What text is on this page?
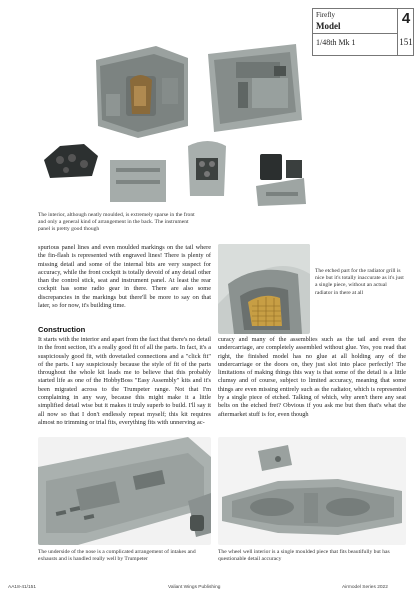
Firefly
Model
1/48th Mk 1
4
151
The interior, although neatly moulded, is extremely sparse in the front and only a general kind of arrangement in the back. The instrument panel is pretty good though
spurious panel lines and even moulded markings on the tail where the fin-flash is represented with engraved lines! There is plenty of missing detail and some of the internal bits are very suspect for accuracy, while the front cockpit is totally devoid of any detail other than the control stick, seat and instrument panel. At least the rear cockpit has some radio gear in there. There are also some discrepancies in the markings but there'll be more to say on that later, so for now, it's building time.
The etched part for the radiator grill is nice but it's totally inaccurate as it's just a single piece, without an actual radiator in there at all
Construction
It starts with the interior and apart from the fact that there's no detail in the front section, it's a really good fit of all the parts. In fact, it's a suspiciously good fit, with dovetailed connections and a "click fit" of the parts. I say suspiciously because the style of fit of the parts throughout the whole kit leads me to believe that this probably started life as one of the HobbyBoss "Easy Assembly" kits and it's been migrated across to the Trumpeter range. Not that I'm complaining in any way, because this might make it a little simplified detail wise but it makes it truly superb to build. I'll say it all now so that I don't endlessly repeat myself; this kit requires almost no trimming or trial fits, everything fits with unnerving ac-
curacy and many of the assemblies such as the tail and even the undercarriage, are completely assembled without glue. Yes, you read that right, the finished model has no glue at all holding any of the undercarriage or the doors on, they just slot into place perfectly! The limitations of making things this way is that some of the detail is a little clumsy and of course, subject to limited accuracy, meaning that some things are even missing entirely such as the radiator, which is represented by a single piece of etched. Talking of which, why aren't there any seat belts on the etched fret? Obvious if you ask me but then that's what the aftermarket stuff is for, even though
The underside of the nose is a complicated arrangement of intakes and exhausts and is handled really well by Trumpeter
The wheel well interior is a single moulded piece that fits beautifully but has questionable detail accuracy
AA18-41/151	Valiant Wings Publishing	Airmodel Series 2022
